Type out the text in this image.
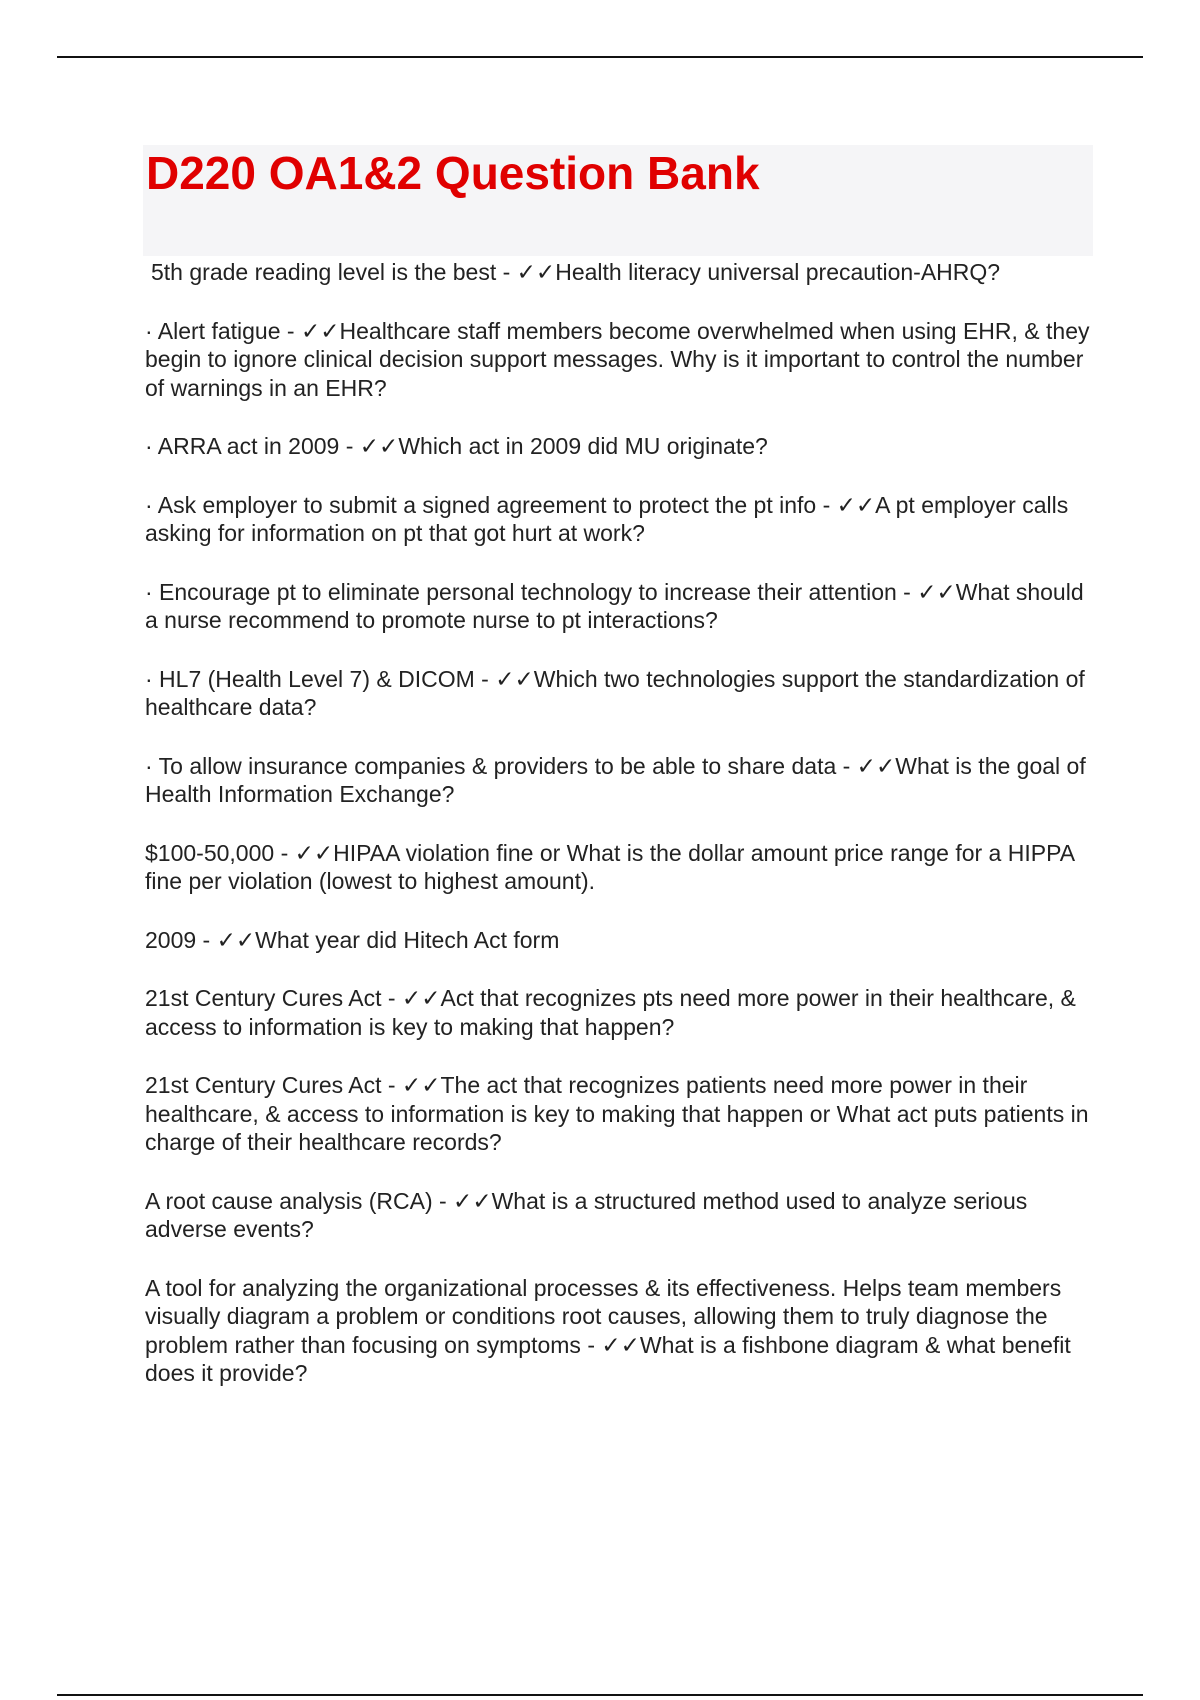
D220 OA1&2 Question Bank

5th grade reading level is the best - ✓✓Health literacy universal precaution-AHRQ?

· Alert fatigue - ✓✓Healthcare staff members become overwhelmed when using EHR, & they begin to ignore clinical decision support messages. Why is it important to control the number of warnings in an EHR?

· ARRA act in 2009 - ✓✓Which act in 2009 did MU originate?

· Ask employer to submit a signed agreement to protect the pt info - ✓✓A pt employer calls asking for information on pt that got hurt at work?

· Encourage pt to eliminate personal technology to increase their attention - ✓✓What should a nurse recommend to promote nurse to pt interactions?

· HL7 (Health Level 7) & DICOM - ✓✓Which two technologies support the standardization of healthcare data?

· To allow insurance companies & providers to be able to share data - ✓✓What is the goal of Health Information Exchange?

$100-50,000 - ✓✓HIPAA violation fine or What is the dollar amount price range for a HIPPA fine per violation (lowest to highest amount).

2009 - ✓✓What year did Hitech Act form

21st Century Cures Act - ✓✓Act that recognizes pts need more power in their healthcare, & access to information is key to making that happen?

21st Century Cures Act - ✓✓The act that recognizes patients need more power in their healthcare, & access to information is key to making that happen or What act puts patients in charge of their healthcare records?

A root cause analysis (RCA) - ✓✓What is a structured method used to analyze serious adverse events?

A tool for analyzing the organizational processes & its effectiveness. Helps team members visually diagram a problem or conditions root causes, allowing them to truly diagnose the problem rather than focusing on symptoms - ✓✓What is a fishbone diagram & what benefit does it provide?
